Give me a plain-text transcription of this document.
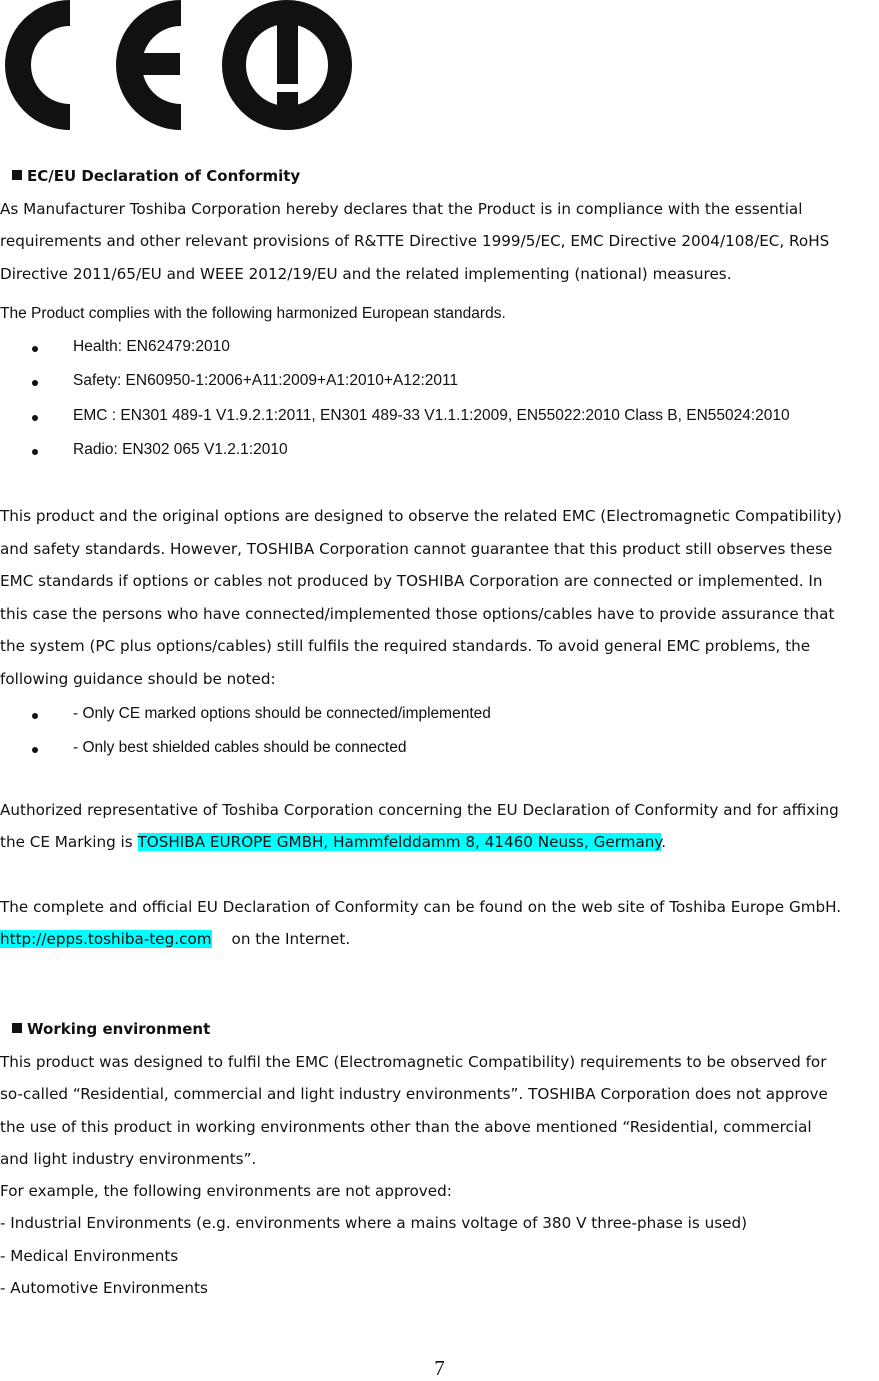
EC/EU Declaration of Conformity
As Manufacturer Toshiba Corporation hereby declares that the Product is in compliance with the essential
requirements and other relevant provisions of R&TTE Directive 1999/5/EC, EMC Directive 2004/108/EC, RoHS
Directive 2011/65/EU and WEEE 2012/19/EU and the related implementing (national) measures.
The Product complies with the following harmonized European standards.
Health: EN62479:2010
Safety: EN60950-1:2006+A11:2009+A1:2010+A12:2011
EMC : EN301 489-1 V1.9.2.1:2011, EN301 489-33 V1.1.1:2009, EN55022:2010 Class B, EN55024:2010
Radio: EN302 065 V1.2.1:2010
This product and the original options are designed to observe the related EMC (Electromagnetic Compatibility)
and safety standards. However, TOSHIBA Corporation cannot guarantee that this product still observes these
EMC standards if options or cables not produced by TOSHIBA Corporation are connected or implemented. In
this case the persons who have connected/implemented those options/cables have to provide assurance that
the system (PC plus options/cables) still fulfils the required standards. To avoid general EMC problems, the
following guidance should be noted:
- Only CE marked options should be connected/implemented
- Only best shielded cables should be connected
Authorized representative of Toshiba Corporation concerning the EU Declaration of Conformity and for affixing
the CE Marking is TOSHIBA EUROPE GMBH, Hammfelddamm 8, 41460 Neuss, Germany.
The complete and official EU Declaration of Conformity can be found on the web site of Toshiba Europe GmbH.
http://epps.toshiba-teg.com on the Internet.
Working environment
This product was designed to fulfil the EMC (Electromagnetic Compatibility) requirements to be observed for
so-called “Residential, commercial and light industry environments”. TOSHIBA Corporation does not approve
the use of this product in working environments other than the above mentioned “Residential, commercial
and light industry environments”.
For example, the following environments are not approved:
- Industrial Environments (e.g. environments where a mains voltage of 380 V three-phase is used)
- Medical Environments
- Automotive Environments
7
